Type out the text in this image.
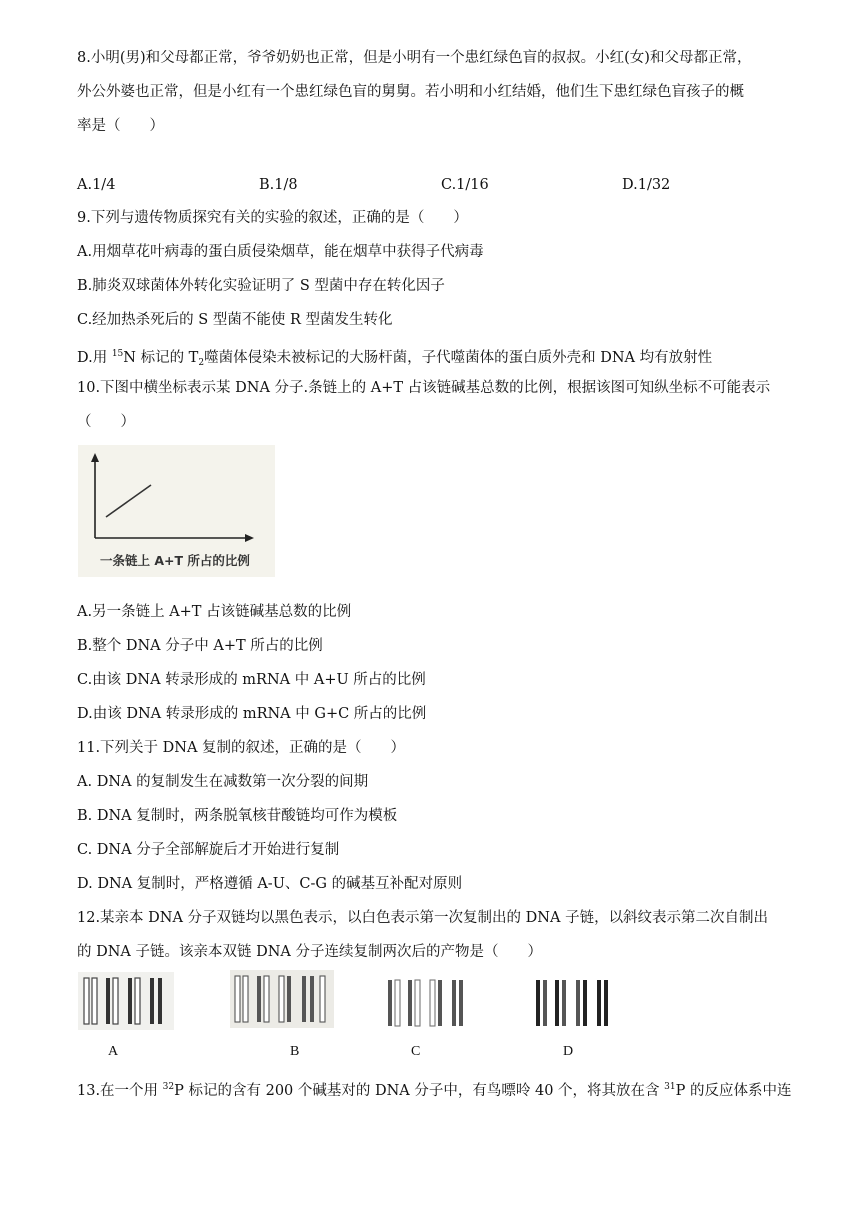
8.小明(男)和父母都正常，爷爷奶奶也正常，但是小明有一个患红绿色盲的叔叔。小红(女)和父母都正常，
外公外婆也正常，但是小红有一个患红绿色盲的舅舅。若小明和小红结婚，他们生下患红绿色盲孩子的概
率是（　　）
A.1/4	B.1/8	C.1/16	D.1/32
9.下列与遗传物质探究有关的实验的叙述，正确的是（　　）
A.用烟草花叶病毒的蛋白质侵染烟草，能在烟草中获得子代病毒
B.肺炎双球菌体外转化实验证明了 S 型菌中存在转化因子
C.经加热杀死后的 S 型菌不能使 R 型菌发生转化
D.用 $^{15}$N 标记的 $T_2$噬菌体侵染未被标记的大肠杆菌，子代噬菌体的蛋白质外壳和 DNA 均有放射性
10.下图中横坐标表示某 DNA 分子.条链上的 A+T 占该链碱基总数的比例，根据该图可知纵坐标不可能表示
（　　）
一条链上 A+T 所占的比例
A.另一条链上 A+T 占该链碱基总数的比例
B.整个 DNA 分子中 A+T 所占的比例
C.由该 DNA 转录形成的 mRNA 中 A+U 所占的比例
D.由该 DNA 转录形成的 mRNA 中 G+C 所占的比例
11.下列关于 DNA 复制的叙述，正确的是（　　）
A. DNA 的复制发生在减数第一次分裂的间期
B. DNA 复制时，两条脱氧核苷酸链均可作为模板
C. DNA 分子全部解旋后才开始进行复制
D. DNA 复制时，严格遵循 A-U、C-G 的碱基互补配对原则
12.某亲本 DNA 分子双链均以黑色表示，以白色表示第一次复制出的 DNA 子链，以斜纹表示第二次自制出
的 DNA 子链。该亲本双链 DNA 分子连续复制两次后的产物是（　　）
A	B	C	D
13.在一个用 $^{32}$P 标记的含有 200 个碱基对的 DNA 分子中，有鸟嘌呤 40 个，将其放在含 $^{31}$P 的反应体系中连
